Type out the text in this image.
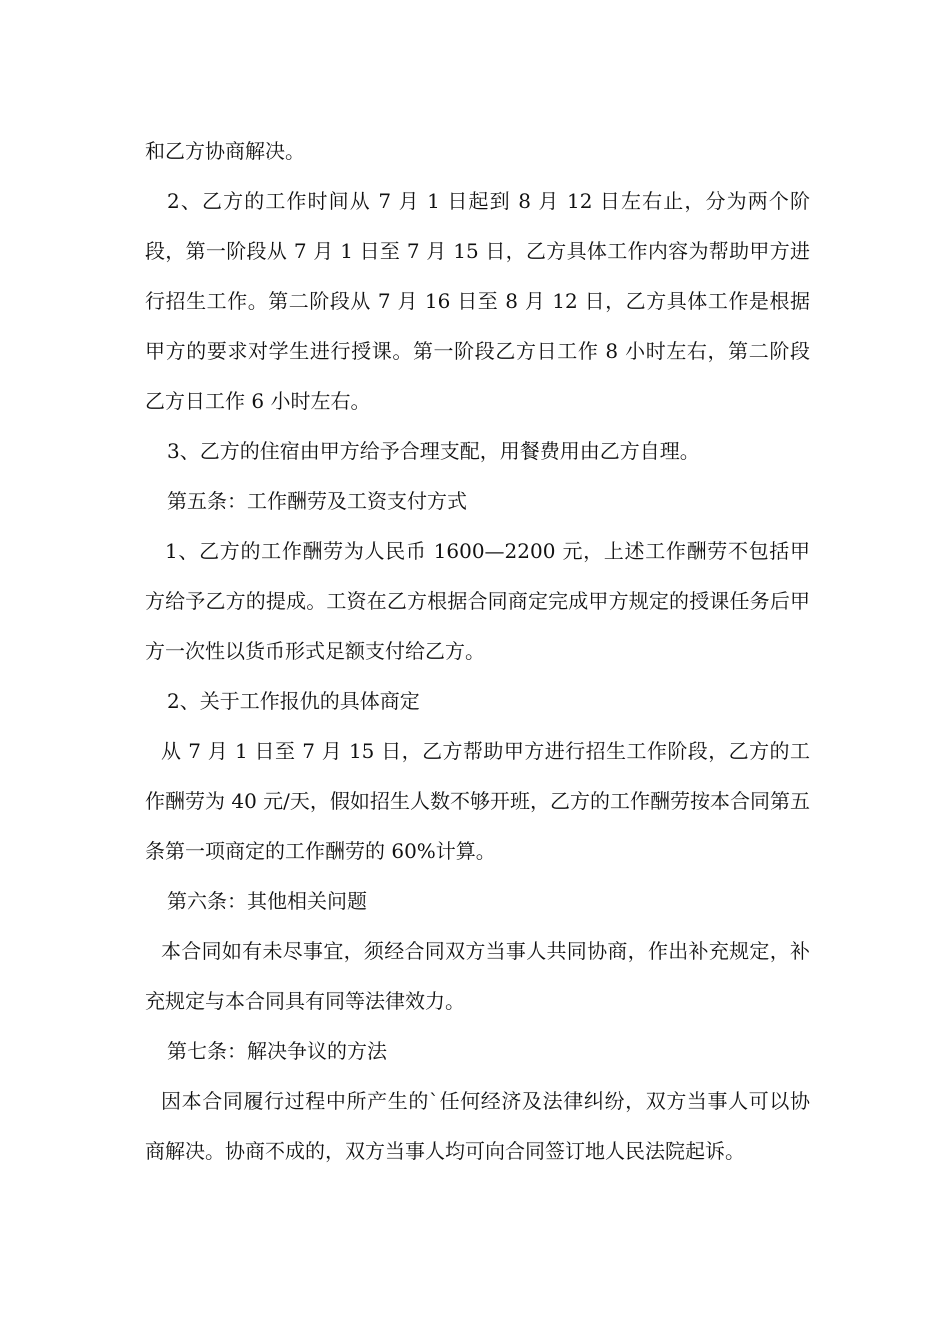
和乙方协商解决。

2、乙方的工作时间从 7 月 1 日起到 8 月 12 日左右止，分为两个阶段，第一阶段从 7 月 1 日至 7 月 15 日，乙方具体工作内容为帮助甲方进行招生工作。第二阶段从 7 月 16 日至 8 月 12 日，乙方具体工作是根据甲方的要求对学生进行授课。第一阶段乙方日工作 8 小时左右，第二阶段乙方日工作 6 小时左右。

3、乙方的住宿由甲方给予合理支配，用餐费用由乙方自理。

第五条：工作酬劳及工资支付方式

1、乙方的工作酬劳为人民币 1600—2200 元，上述工作酬劳不包括甲方给予乙方的提成。工资在乙方根据合同商定完成甲方规定的授课任务后甲方一次性以货币形式足额支付给乙方。

2、关于工作报仇的具体商定

从 7 月 1 日至 7 月 15 日，乙方帮助甲方进行招生工作阶段，乙方的工作酬劳为 40 元/天，假如招生人数不够开班，乙方的工作酬劳按本合同第五条第一项商定的工作酬劳的 60%计算。

第六条：其他相关问题

本合同如有未尽事宜，须经合同双方当事人共同协商，作出补充规定，补充规定与本合同具有同等法律效力。

第七条：解决争议的方法

因本合同履行过程中所产生的`任何经济及法律纠纷，双方当事人可以协商解决。协商不成的，双方当事人均可向合同签订地人民法院起诉。
